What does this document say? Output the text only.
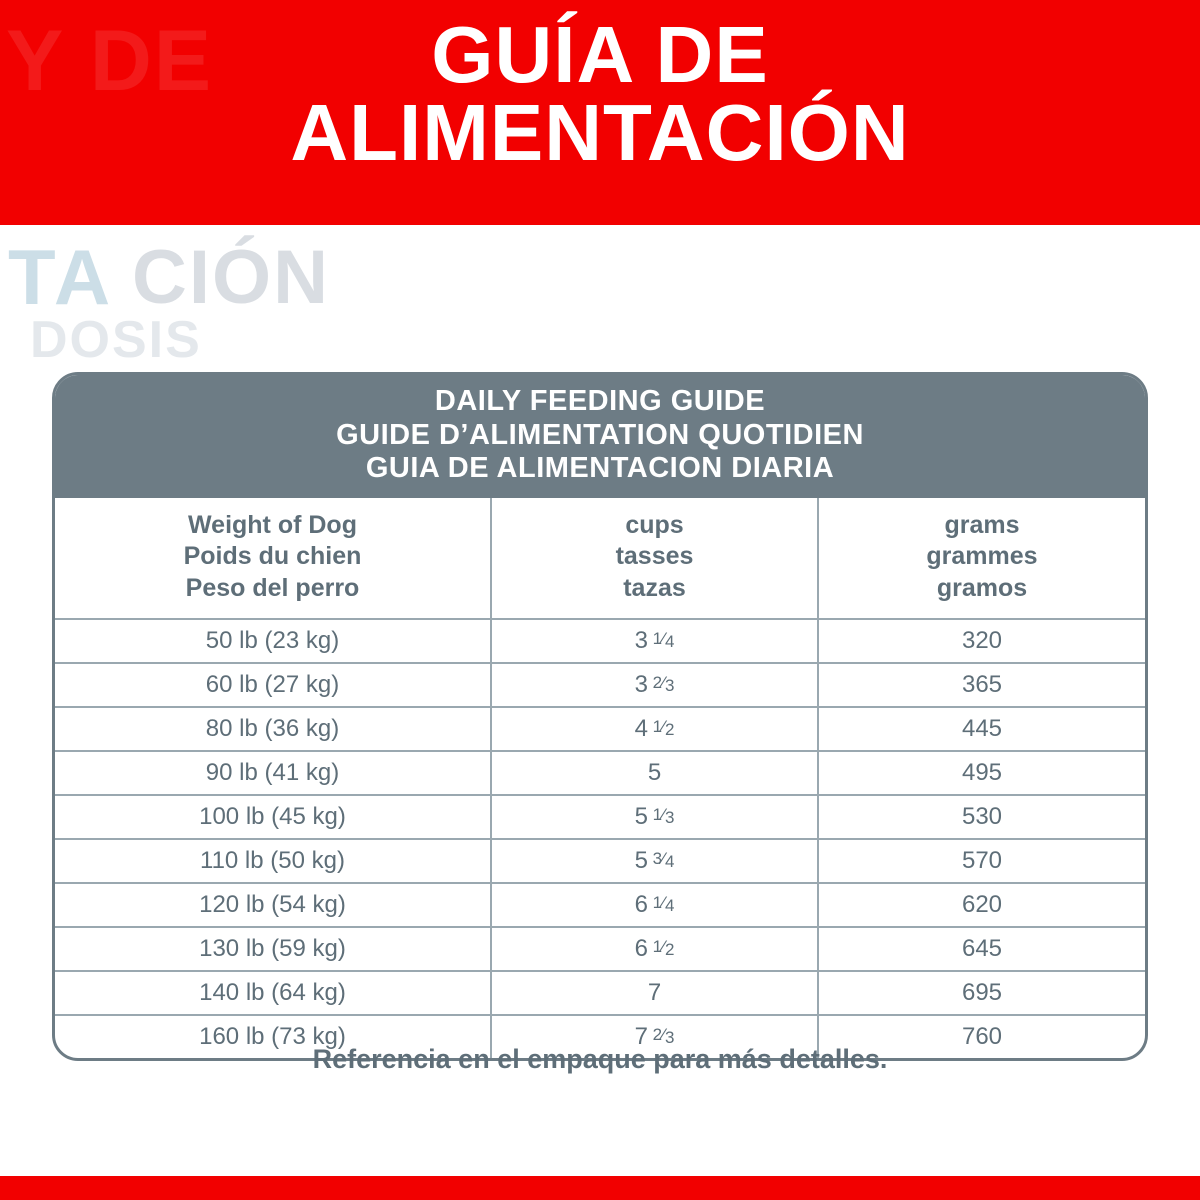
Y DE	GUÍA DE
ALIMENTACIÓN
TA CIÓN
DOSIS
DAILY FEEDING GUIDE
GUIDE D’ALIMENTATION QUOTIDIEN
GUIA DE ALIMENTACION DIARIA
Weight of Dog
Poids du chien
Peso del perro

cups
tasses
tazas

grams
grammes
gramos

50 lb (23 kg)	3 1⁄4	320
60 lb (27 kg)	3 2⁄3	365
80 lb (36 kg)	4 1⁄2	445
90 lb (41 kg)	5	495
100 lb (45 kg)	5 1⁄3	530
110 lb (50 kg)	5 3⁄4	570
120 lb (54 kg)	6 1⁄4	620
130 lb (59 kg)	6 1⁄2	645
140 lb (64 kg)	7	695
160 lb (73 kg)	7 2⁄3	760
Referencia en el empaque para más detalles.
